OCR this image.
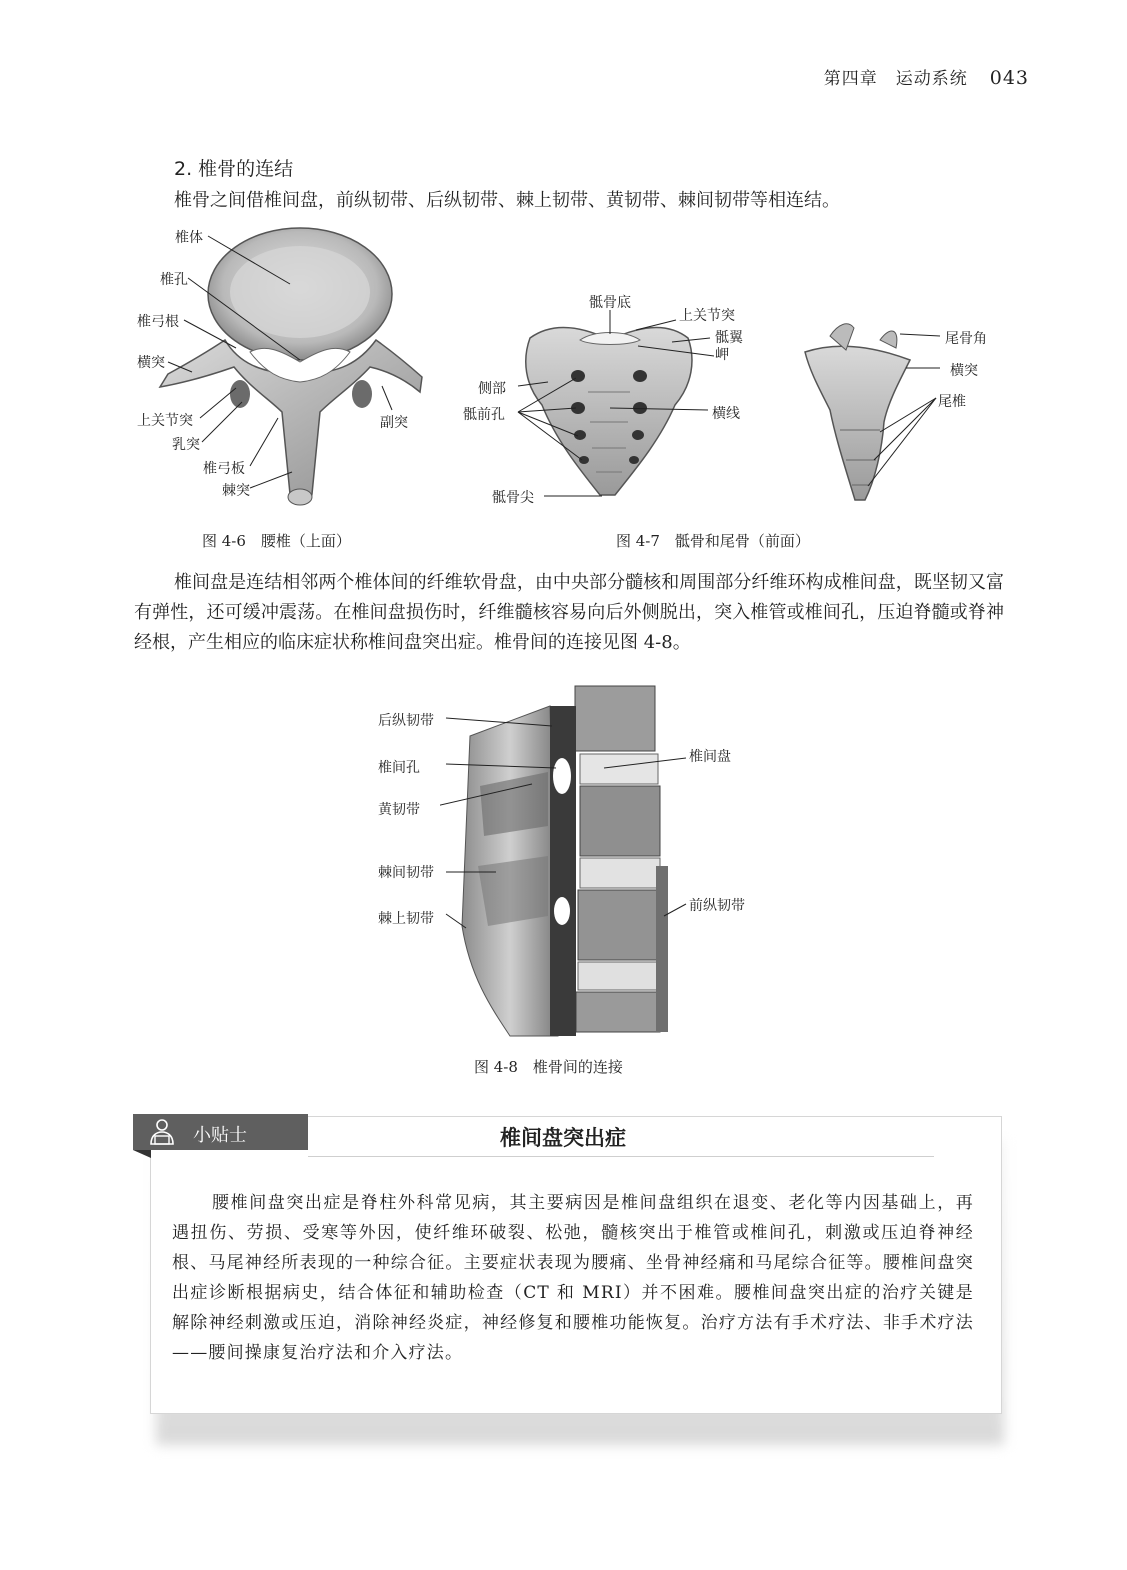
第四章　运动系统 043
2. 椎骨的连结
椎骨之间借椎间盘，前纵韧带、后纵韧带、棘上韧带、黄韧带、棘间韧带等相连结。
椎体
椎孔
椎弓根
横突
上关节突
乳突
椎弓板
棘突
副突
图 4-6　腰椎（上面）
骶骨底
上关节突
骶翼
岬
侧部
骶前孔	横线
骶骨尖
尾骨角
横突
尾椎
图 4-7　骶骨和尾骨（前面）
椎间盘是连结相邻两个椎体间的纤维软骨盘，由中央部分髓核和周围部分纤维环构成椎间盘，既坚韧又富有弹性，还可缓冲震荡。在椎间盘损伤时，纤维髓核容易向后外侧脱出，突入椎管或椎间孔，压迫脊髓或脊神经根，产生相应的临床症状称椎间盘突出症。椎骨间的连接见图 4-8。
后纵韧带
椎间孔
黄韧带
棘间韧带
棘上韧带
椎间盘
前纵韧带
图 4-8　椎骨间的连接
小贴士	椎间盘突出症
腰椎间盘突出症是脊柱外科常见病，其主要病因是椎间盘组织在退变、老化等内因基础上，再遇扭伤、劳损、受寒等外因，使纤维环破裂、松弛，髓核突出于椎管或椎间孔，刺激或压迫脊神经根、马尾神经所表现的一种综合征。主要症状表现为腰痛、坐骨神经痛和马尾综合征等。腰椎间盘突出症诊断根据病史，结合体征和辅助检查（CT 和 MRI）并不困难。腰椎间盘突出症的治疗关键是解除神经刺激或压迫，消除神经炎症，神经修复和腰椎功能恢复。治疗方法有手术疗法、非手术疗法——腰间操康复治疗法和介入疗法。
